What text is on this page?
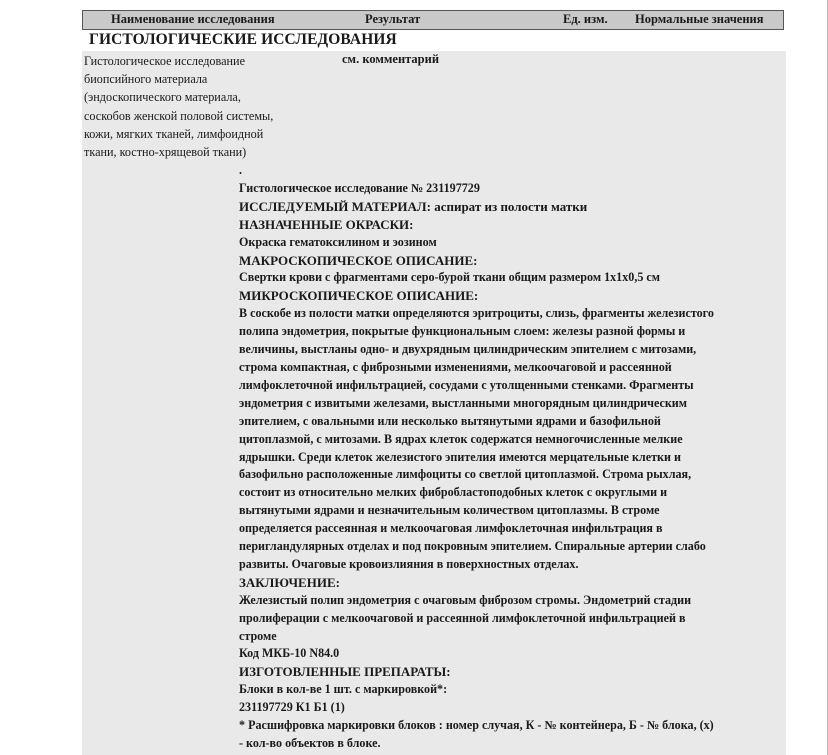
Наименование исследования	Результат	Ед. изм. Нормальные значения
ГИСТОЛОГИЧЕСКИЕ ИССЛЕДОВАНИЯ
Гистологическое исследование
биопсийного материала
(эндоскопического материала,
соскобов женской половой системы,
кожи, мягких тканей, лимфоидной
ткани, костно-хрящевой ткани)
см. комментарий
.
Гистологическое исследование № 231197729
ИССЛЕДУЕМЫЙ МАТЕРИАЛ: аспират из полости матки
НАЗНАЧЕННЫЕ ОКРАСКИ:
Окраска гематоксилином и эозином
МАКРОСКОПИЧЕСКОЕ ОПИСАНИЕ:
Свертки крови с фрагментами серо-бурой ткани общим размером 1х1х0,5 см
МИКРОСКОПИЧЕСКОЕ ОПИСАНИЕ:
В соскобе из полости матки определяются эритроциты, слизь, фрагменты железистого
полипа эндометрия, покрытые функциональным слоем: железы разной формы и
величины, выстланы одно- и двухрядным цилиндрическим эпителием с митозами,
строма компактная, с фиброзными изменениями, мелкоочаговой и рассеянной
лимфоклеточной инфильтрацией, сосудами с утолщенными стенками. Фрагменты
эндометрия с извитыми железами, выстланными многорядным цилиндрическим
эпителием, с овальными или несколько вытянутыми ядрами и базофильной
цитоплазмой, с митозами. В ядрах клеток содержатся немногочисленные мелкие
ядрышки. Среди клеток железистого эпителия имеются мерцательные клетки и
базофильно расположенные лимфоциты со светлой цитоплазмой. Строма рыхлая,
состоит из относительно мелких фибробластоподобных клеток с округлыми и
вытянутыми ядрами и незначительным количеством цитоплазмы. В строме
определяется рассеянная и мелкоочаговая лимфоклеточная инфильтрация в
перигландулярных отделах и под покровным эпителием. Спиральные артерии слабо
развиты. Очаговые кровоизлияния в поверхностных отделах.
ЗАКЛЮЧЕНИЕ:
Железистый полип эндометрия с очаговым фиброзом стромы. Эндометрий стадии
пролиферации с мелкоочаговой и рассеянной лимфоклеточной инфильтрацией в
строме
Код МКБ-10 N84.0
ИЗГОТОВЛЕННЫЕ ПРЕПАРАТЫ:
Блоки в кол-ве 1 шт. с маркировкой*:
231197729 К1 Б1 (1)
* Расшифровка маркировки блоков : номер случая, К - № контейнера, Б - № блока, (х)
- кол-во объектов в блоке.
